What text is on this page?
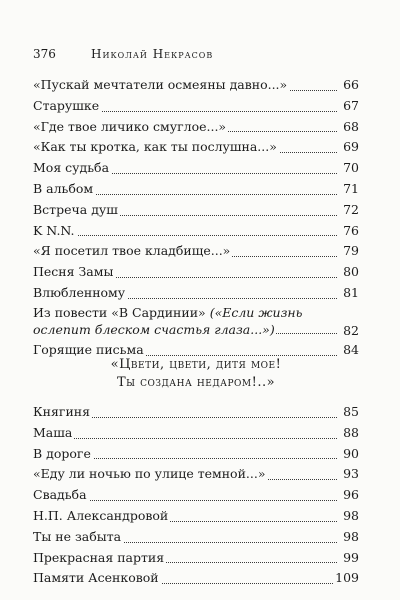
376	Николай Некрасов
«Пускай мечтатели осмеяны давно...»	66
Старушке	67
«Где твое личико смуглое...»	68
«Как ты кроткa, как ты послушна...»	69
Моя судьба	70
В альбом	71
Встреча душ	72
K N.N.	76
«Я посетил твое кладбище...»	79
Песня Замы	80
Влюбленному	81
Из повести «В Сардинии» («Если жизнь ослепит блеском счастья глаза...»)	82
Горящие письма	84
«Цвети, цвети, дитя мое!
Ты создана недаром!..»
Княгиня	85
Маша	88
В дороге	90
«Еду ли ночью по улице темной...»	93
Свадьба	96
Н.П. Александровой	98
Ты не забыта	98
Прекрасная партия	99
Памяти Асенковой	109
